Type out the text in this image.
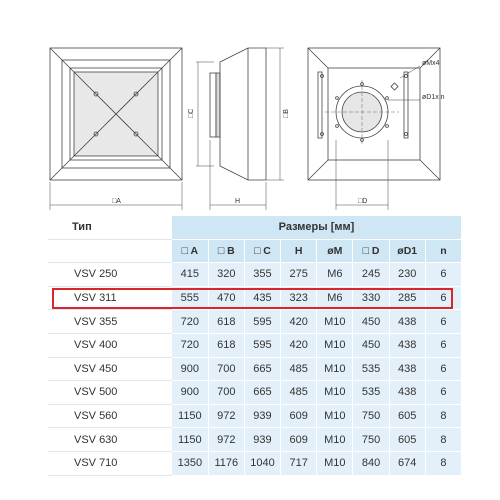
□A
□C	□B
H
øMx4
øD1x n
□D
Тип	Размеры [мм]							
	□ A	□ B	□ C	H	øM	□ D	øD1	n
VSV 250	415	320	355	275	M6	245	230	6
VSV 311	555	470	435	323	M6	330	285	6
VSV 355	720	618	595	420	M10	450	438	6
VSV 400	720	618	595	420	M10	450	438	6
VSV 450	900	700	665	485	M10	535	438	6
VSV 500	900	700	665	485	M10	535	438	6
VSV 560	1150	972	939	609	M10	750	605	8
VSV 630	1150	972	939	609	M10	750	605	8
VSV 710	1350	1176	1040	717	M10	840	674	8
